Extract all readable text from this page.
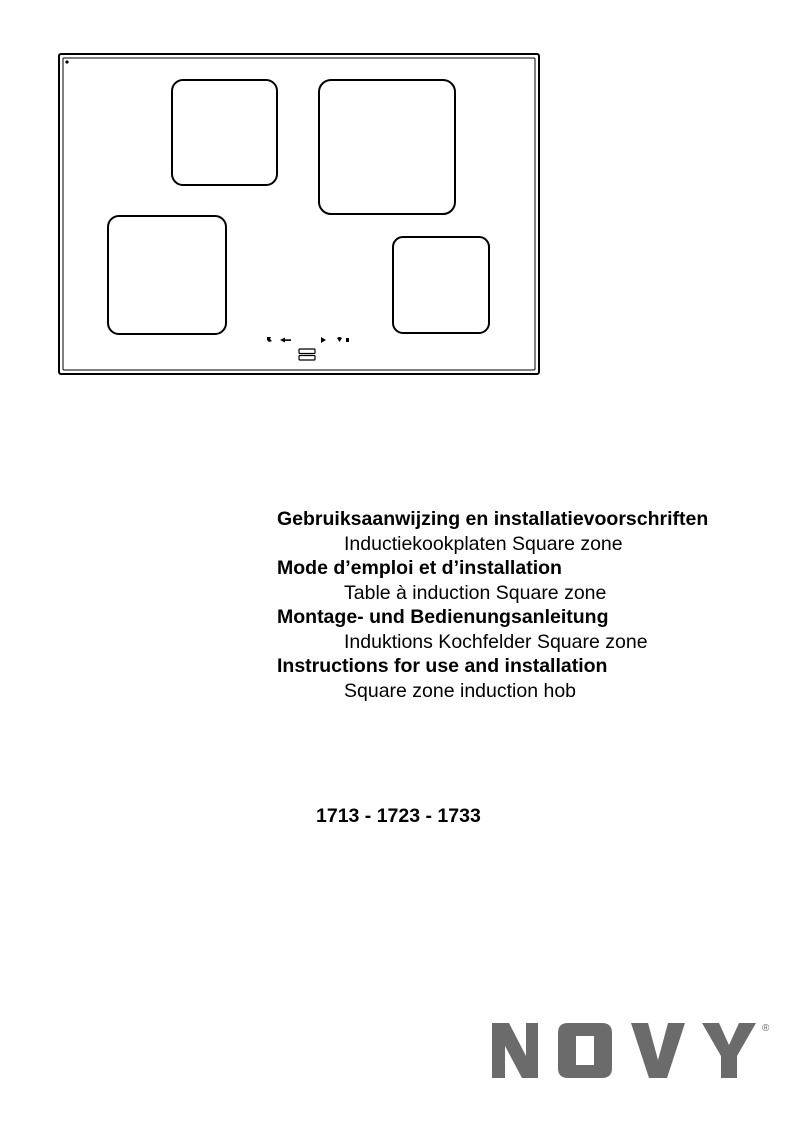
Gebruiksaanwijzing en installatievoorschriften
Inductiekookplaten Square zone
Mode d’emploi et d’installation
Table à induction Square zone
Montage- und Bedienungsanleitung
Induktions Kochfelder Square zone
Instructions for use and installation
Square zone induction hob
1713 - 1723 - 1733
®
